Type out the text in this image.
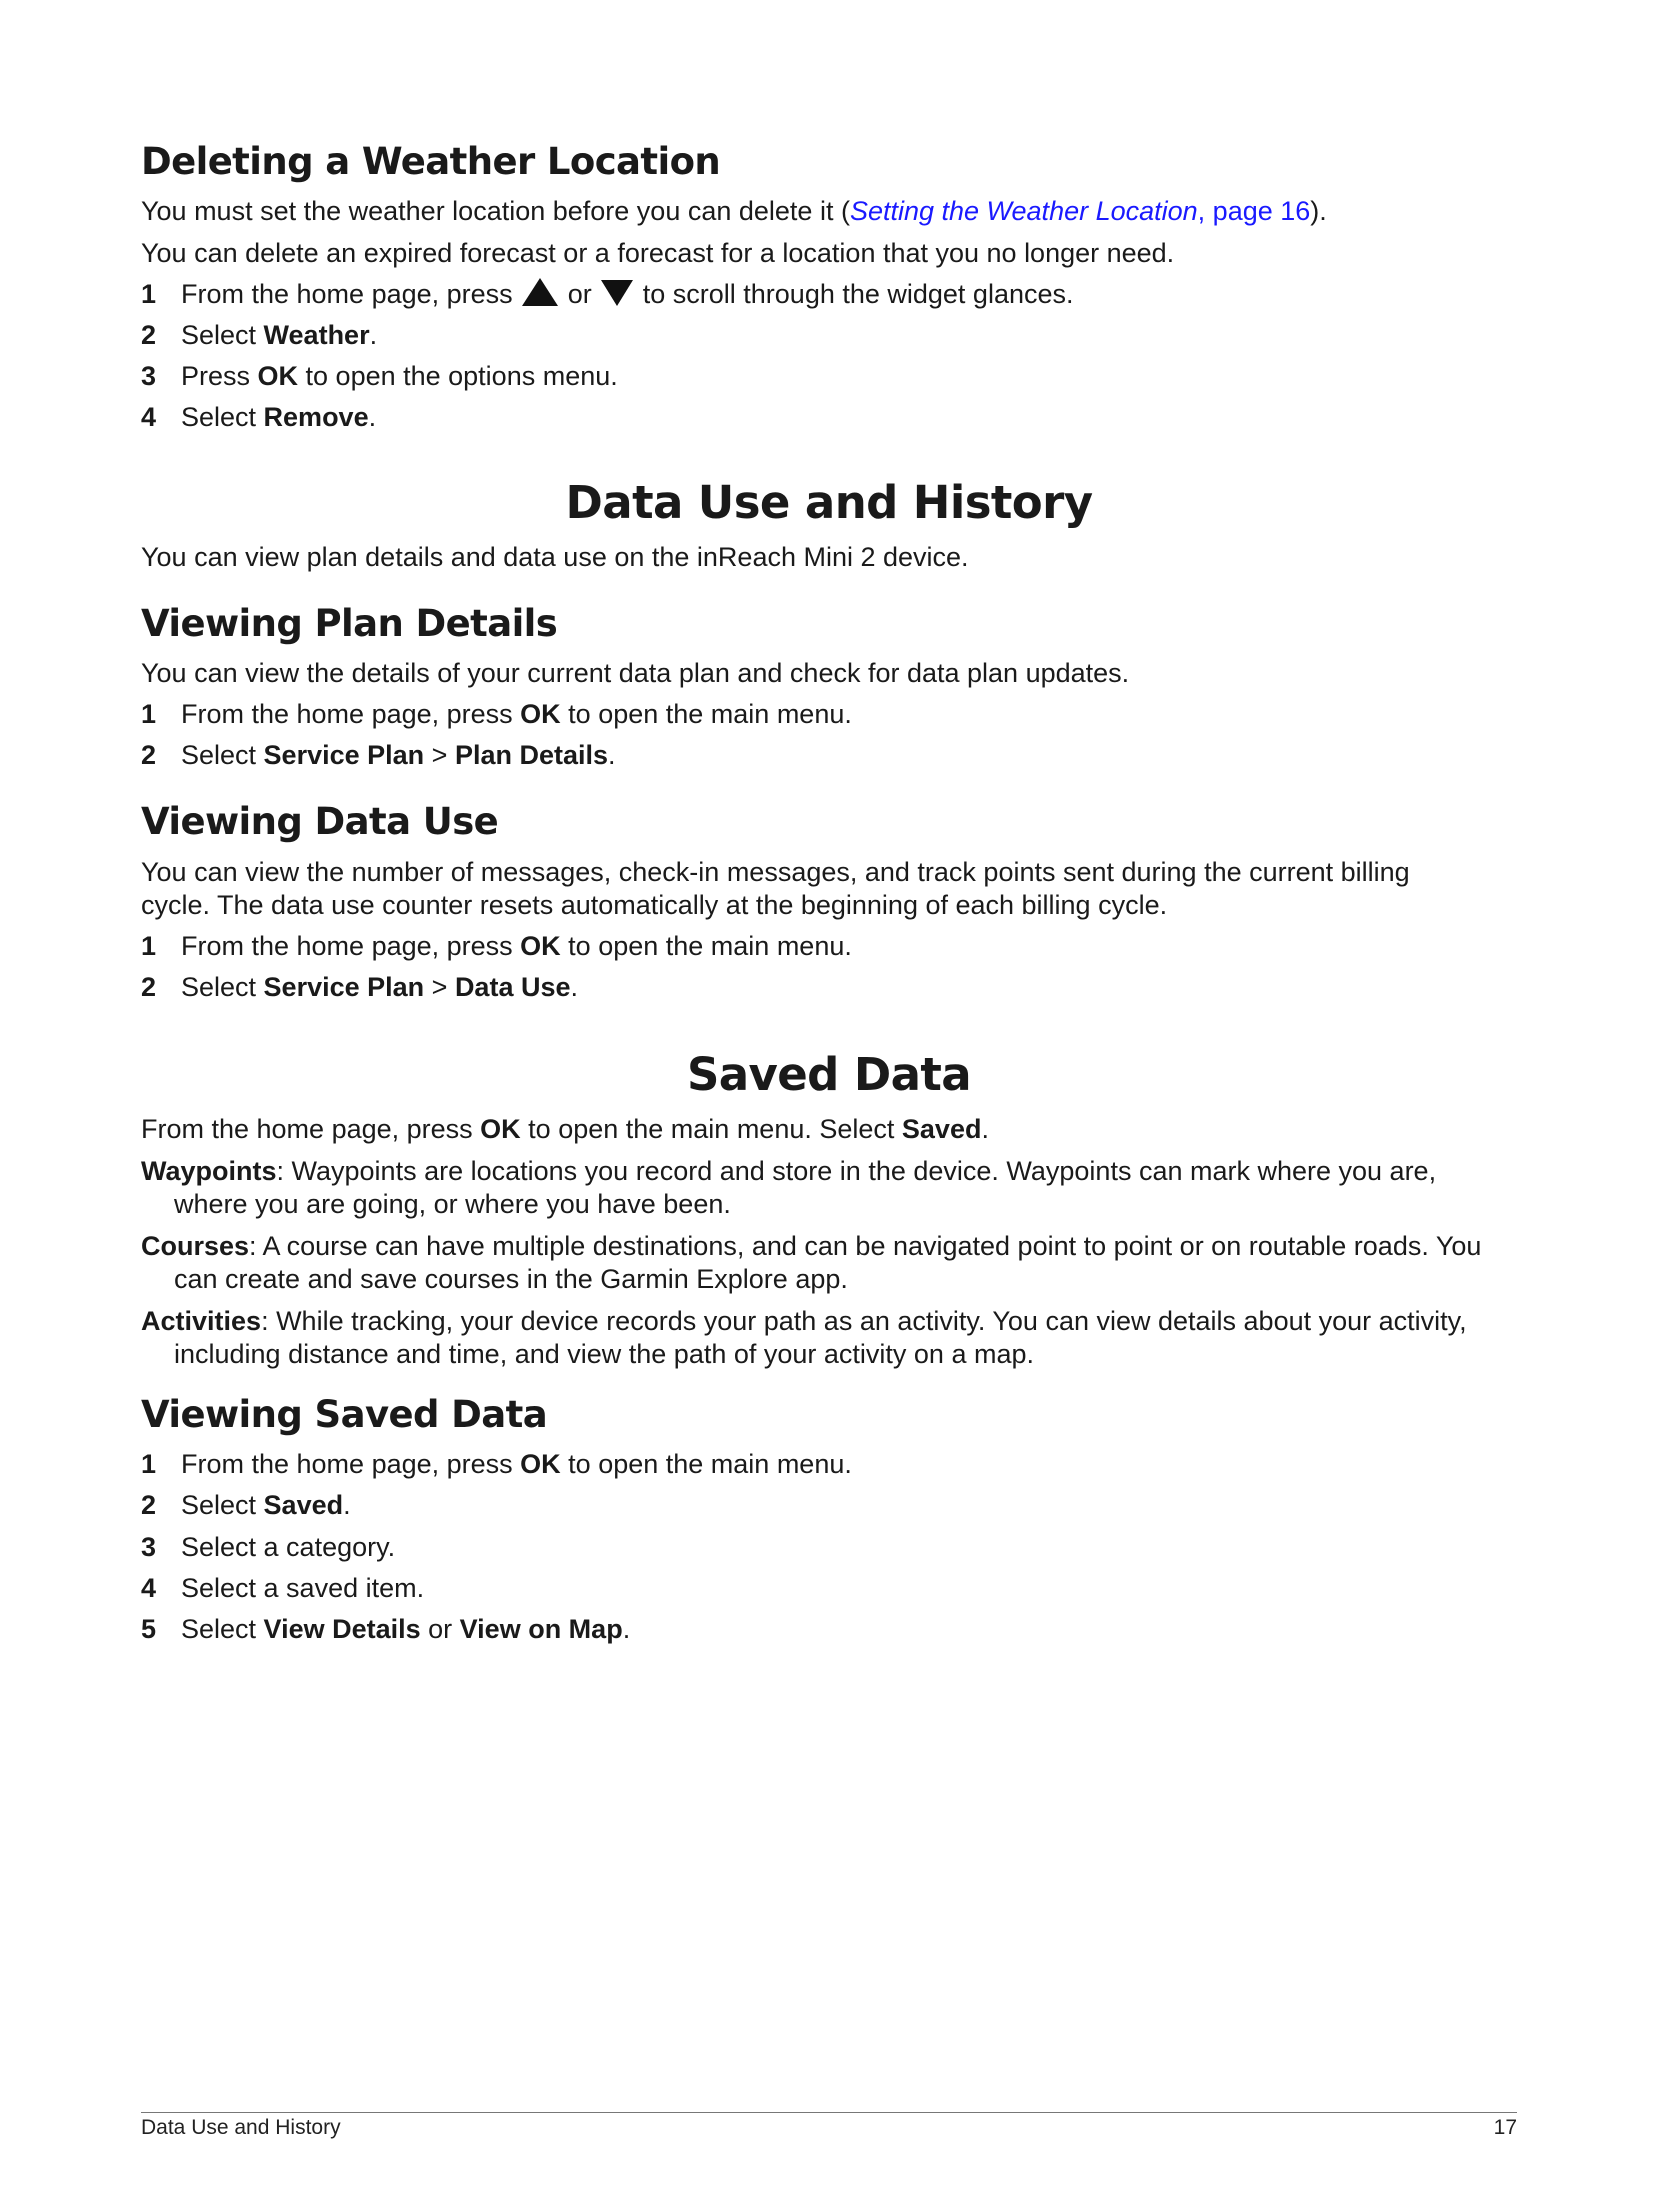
Deleting a Weather Location

You must set the weather location before you can delete it (Setting the Weather Location, page 16).

You can delete an expired forecast or a forecast for a location that you no longer need.

1 From the home page, press or to scroll through the widget glances.
2 Select Weather.
3 Press OK to open the options menu.
4 Select Remove.
Data Use and History

You can view plan details and data use on the inReach Mini 2 device.

Viewing Plan Details

You can view the details of your current data plan and check for data plan updates.

1 From the home page, press OK to open the main menu.
2 Select Service Plan > Plan Details.
Viewing Data Use

You can view the number of messages, check-in messages, and track points sent during the current billing

cycle. The data use counter resets automatically at the beginning of each billing cycle.

1 From the home page, press OK to open the main menu.
2 Select Service Plan > Data Use.
Saved Data

From the home page, press OK to open the main menu. Select Saved.

Waypoints: Waypoints are locations you record and store in the device. Waypoints can mark where you are,
where you are going, or where you have been.
Courses: A course can have multiple destinations, and can be navigated point to point or on routable roads. You
can create and save courses in the Garmin Explore app.
Activities: While tracking, your device records your path as an activity. You can view details about your activity,
including distance and time, and view the path of your activity on a map.
Viewing Saved Data
1 From the home page, press OK to open the main menu.
2 Select Saved.
3 Select a category.
4 Select a saved item.
5 Select View Details or View on Map.
Data Use and History	17
